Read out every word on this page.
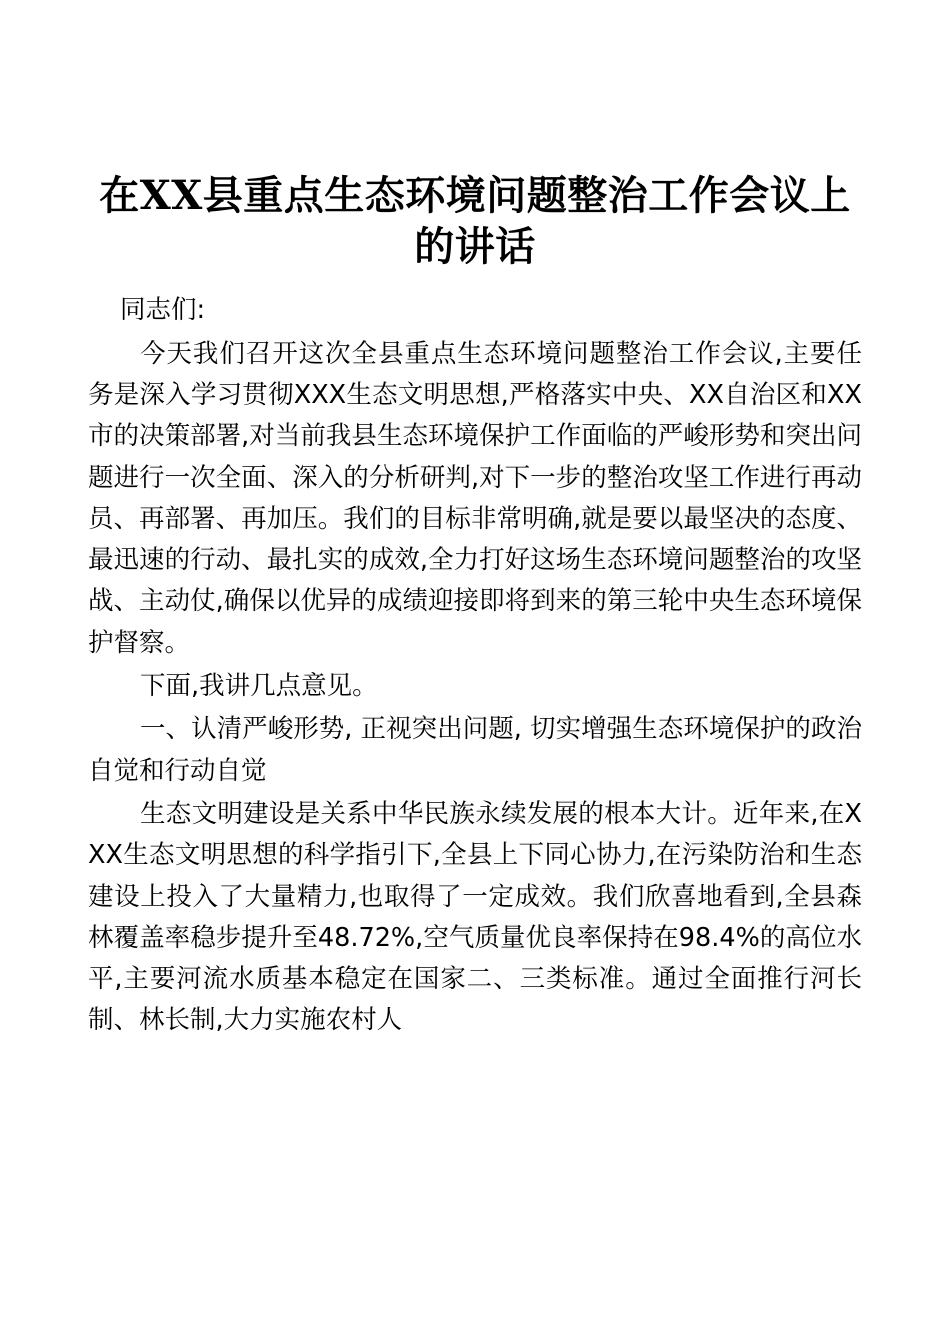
在XX县重点生态环境问题整治工作会议上的讲话
同志们:

今天我们召开这次全县重点生态环境问题整治工作会议,主要任务是深入学习贯彻XXX生态文明思想,严格落实中央、XX自治区和XX市的决策部署,对当前我县生态环境保护工作面临的严峻形势和突出问题进行一次全面、深入的分析研判,对下一步的整治攻坚工作进行再动员、再部署、再加压。我们的目标非常明确,就是要以最坚决的态度、最迅速的行动、最扎实的成效,全力打好这场生态环境问题整治的攻坚战、主动仗,确保以优异的成绩迎接即将到来的第三轮中央生态环境保护督察。

下面,我讲几点意见。

一、认清严峻形势, 正视突出问题, 切实增强生态环境保护的政治自觉和行动自觉

生态文明建设是关系中华民族永续发展的根本大计。近年来,在XXX生态文明思想的科学指引下,全县上下同心协力,在污染防治和生态建设上投入了大量精力,也取得了一定成效。我们欣喜地看到,全县森林覆盖率稳步提升至48.72%,空气质量优良率保持在98.4%的高位水平,主要河流水质基本稳定在国家二、三类标准。通过全面推行河长制、林长制,大力实施农村人
